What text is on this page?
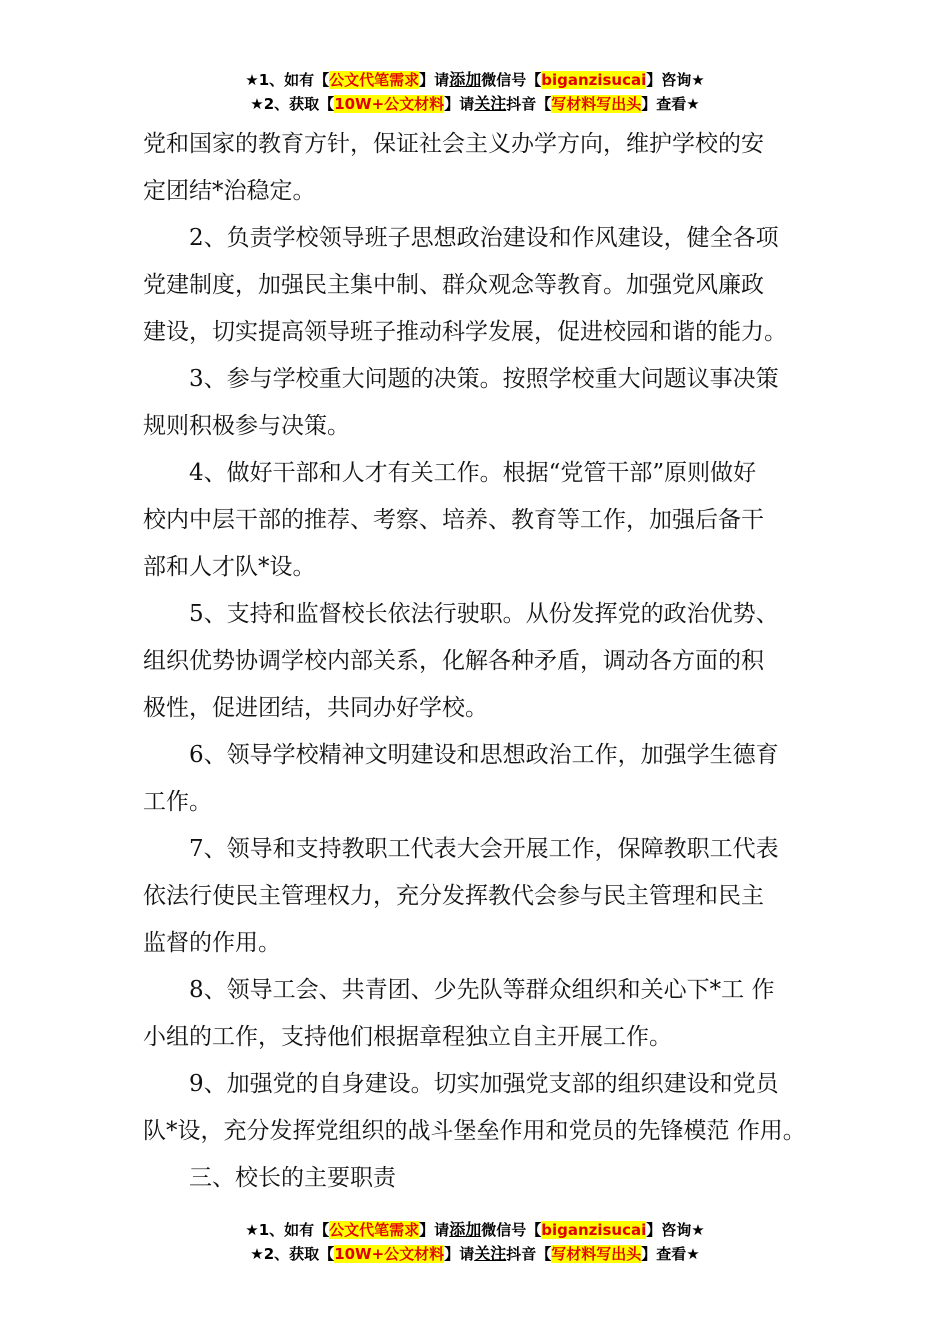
★1、如有【公文代笔需求】请添加微信号【biganzisucai】咨询★
★2、获取【10W+公文材料】请关注抖音【写材料写出头】查看★

党和国家的教育方针，保证社会主义办学方向，维护学校的安

定团结*治稳定。

2、负责学校领导班子思想政治建设和作风建设，健全各项

党建制度，加强民主集中制、群众观念等教育。加强党风廉政

建设，切实提高领导班子推动科学发展，促进校园和谐的能力。

3、参与学校重大问题的决策。按照学校重大问题议事决策

规则积极参与决策。

4、做好干部和人才有关工作。根据“党管干部”原则做好

校内中层干部的推荐、考察、培养、教育等工作，加强后备干

部和人才队*设。

5、支持和监督校长依法行驶职。从份发挥党的政治优势、

组织优势协调学校内部关系，化解各种矛盾，调动各方面的积

极性，促进团结，共同办好学校。

6、领导学校精神文明建设和思想政治工作，加强学生德育

工作。

7、领导和支持教职工代表大会开展工作，保障教职工代表

依法行使民主管理权力，充分发挥教代会参与民主管理和民主

监督的作用。

8、领导工会、共青团、少先队等群众组织和关心下*工 作

小组的工作，支持他们根据章程独立自主开展工作。

9、加强党的自身建设。切实加强党支部的组织建设和党员

队*设，充分发挥党组织的战斗堡垒作用和党员的先锋模范 作用。

三、校长的主要职责

★1、如有【公文代笔需求】请添加微信号【biganzisucai】咨询★
★2、获取【10W+公文材料】请关注抖音【写材料写出头】查看★
